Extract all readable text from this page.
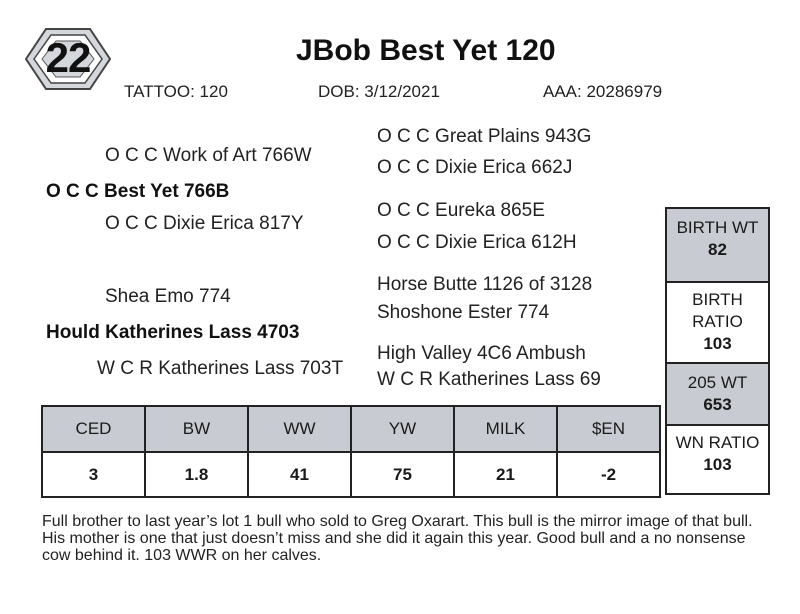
22	JBob Best Yet 120
TATTOO: 120	DOB: 3/12/2021	AAA: 20286979
O C C Great Plains 943G
O C C Work of Art 766W
O C C Dixie Erica 662J
O C C Best Yet 766B
O C C Eureka 865E
O C C Dixie Erica 817Y
O C C Dixie Erica 612H
Horse Butte 1126 of 3128
Shea Emo 774
Shoshone Ester 774
Hould Katherines Lass 4703
High Valley 4C6 Ambush
W C R Katherines Lass 703T
W C R Katherines Lass 69
BIRTH WT
82
BIRTH
RATIO
103
205 WT
653
WN RATIO
103
CED	BW	WW	YW	MILK	$EN
3	1.8	41	75	21	-2
Full brother to last year’s lot 1 bull who sold to Greg Oxarart. This bull is the mirror image of that bull. His mother is one that just doesn’t miss and she did it again this year. Good bull and a no nonsense cow behind it. 103 WWR on her calves.
